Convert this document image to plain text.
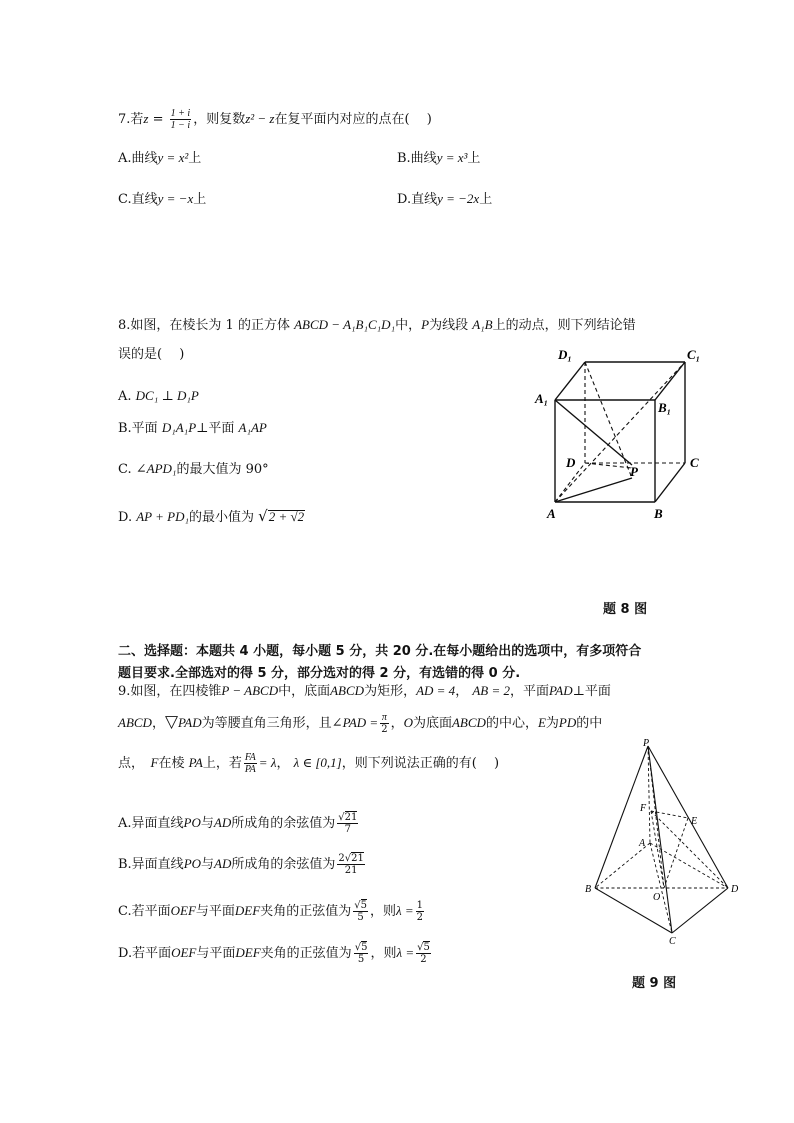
7.若$z = \frac{1 + i}{1 - i}$ ，则复数z² − z在复平面内对应的点在(　 )
A.曲线y = x²上	B.曲线y = x³上
C.直线y = −x上	D.直线y = −2x上
8.如图，在棱长为 1 的正方体 ABCD − A₁B₁C₁D₁中，P为线段 A₁B上的动点，则下列结论错
误的是(　 )
A. DC₁ ⊥ D₁P
B.平面 D₁A₁P⊥平面 A₁AP
C. ∠APD₁的最大值为 90°
D. AP + PD₁的最小值为 √2 + √2
D₁	C₁
A₁
B₁
D	C
P
A	B
题 8 图
二、选择题：本题共 4 小题，每小题 5 分，共 20 分.在每小题给出的选项中，有多项符合
题目要求.全部选对的得 5 分，部分选对的得 2 分，有选错的得 0 分.
9.如图，在四棱锥P − ABCD中，底面ABCD为矩形，AD = 4， AB = 2，平面PAD⊥平面
ABCD，▽PAD为等腰直角三角形，且∠PAD = $\frac{\pi}{2}$ ，O为底面ABCD的中心，E为PD的中
点，　F在棱 PA上，若 $\frac{FA}{PA} = \lambda$， λ ∈ [0,1]，则下列说法正确的有(　 )
A.异面直线PO与AD所成角的余弦值为 $\frac{√21}{7}$
B.异面直线PO与AD所成角的余弦值为 $\frac{2√21}{21}$
C.若平面OEF与平面DEF夹角的正弦值为 $\frac{√5}{5}$ ，则$\lambda = \frac{1}{2}$
D.若平面OEF与平面DEF夹角的正弦值为 $\frac{√5}{5}$ ，则$\lambda = \frac{√5}{2}$
P
F
E
A
B
O
D
C
题 9 图
